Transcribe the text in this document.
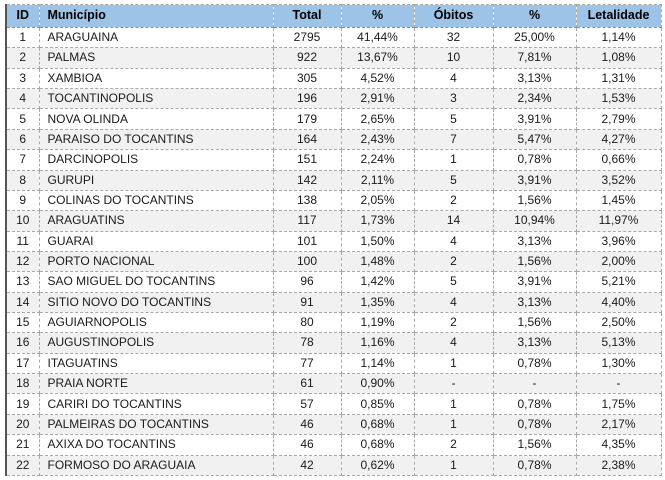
ID	Município	Total	%	Óbitos	%	Letalidade
1	ARAGUAINA	2795	41,44%	32	25,00%	1,14%
2	PALMAS	922	13,67%	10	7,81%	1,08%
3	XAMBIOA	305	4,52%	4	3,13%	1,31%
4	TOCANTINOPOLIS	196	2,91%	3	2,34%	1,53%
5	NOVA OLINDA	179	2,65%	5	3,91%	2,79%
6	PARAISO DO TOCANTINS	164	2,43%	7	5,47%	4,27%
7	DARCINOPOLIS	151	2,24%	1	0,78%	0,66%
8	GURUPI	142	2,11%	5	3,91%	3,52%
9	COLINAS DO TOCANTINS	138	2,05%	2	1,56%	1,45%
10	ARAGUATINS	117	1,73%	14	10,94%	11,97%
11	GUARAI	101	1,50%	4	3,13%	3,96%
12	PORTO NACIONAL	100	1,48%	2	1,56%	2,00%
13	SAO MIGUEL DO TOCANTINS	96	1,42%	5	3,91%	5,21%
14	SITIO NOVO DO TOCANTINS	91	1,35%	4	3,13%	4,40%
15	AGUIARNOPOLIS	80	1,19%	2	1,56%	2,50%
16	AUGUSTINOPOLIS	78	1,16%	4	3,13%	5,13%
17	ITAGUATINS	77	1,14%	1	0,78%	1,30%
18	PRAIA NORTE	61	0,90%	-	-	-
19	CARIRI DO TOCANTINS	57	0,85%	1	0,78%	1,75%
20	PALMEIRAS DO TOCANTINS	46	0,68%	1	0,78%	2,17%
21	AXIXA DO TOCANTINS	46	0,68%	2	1,56%	4,35%
22	FORMOSO DO ARAGUAIA	42	0,62%	1	0,78%	2,38%
